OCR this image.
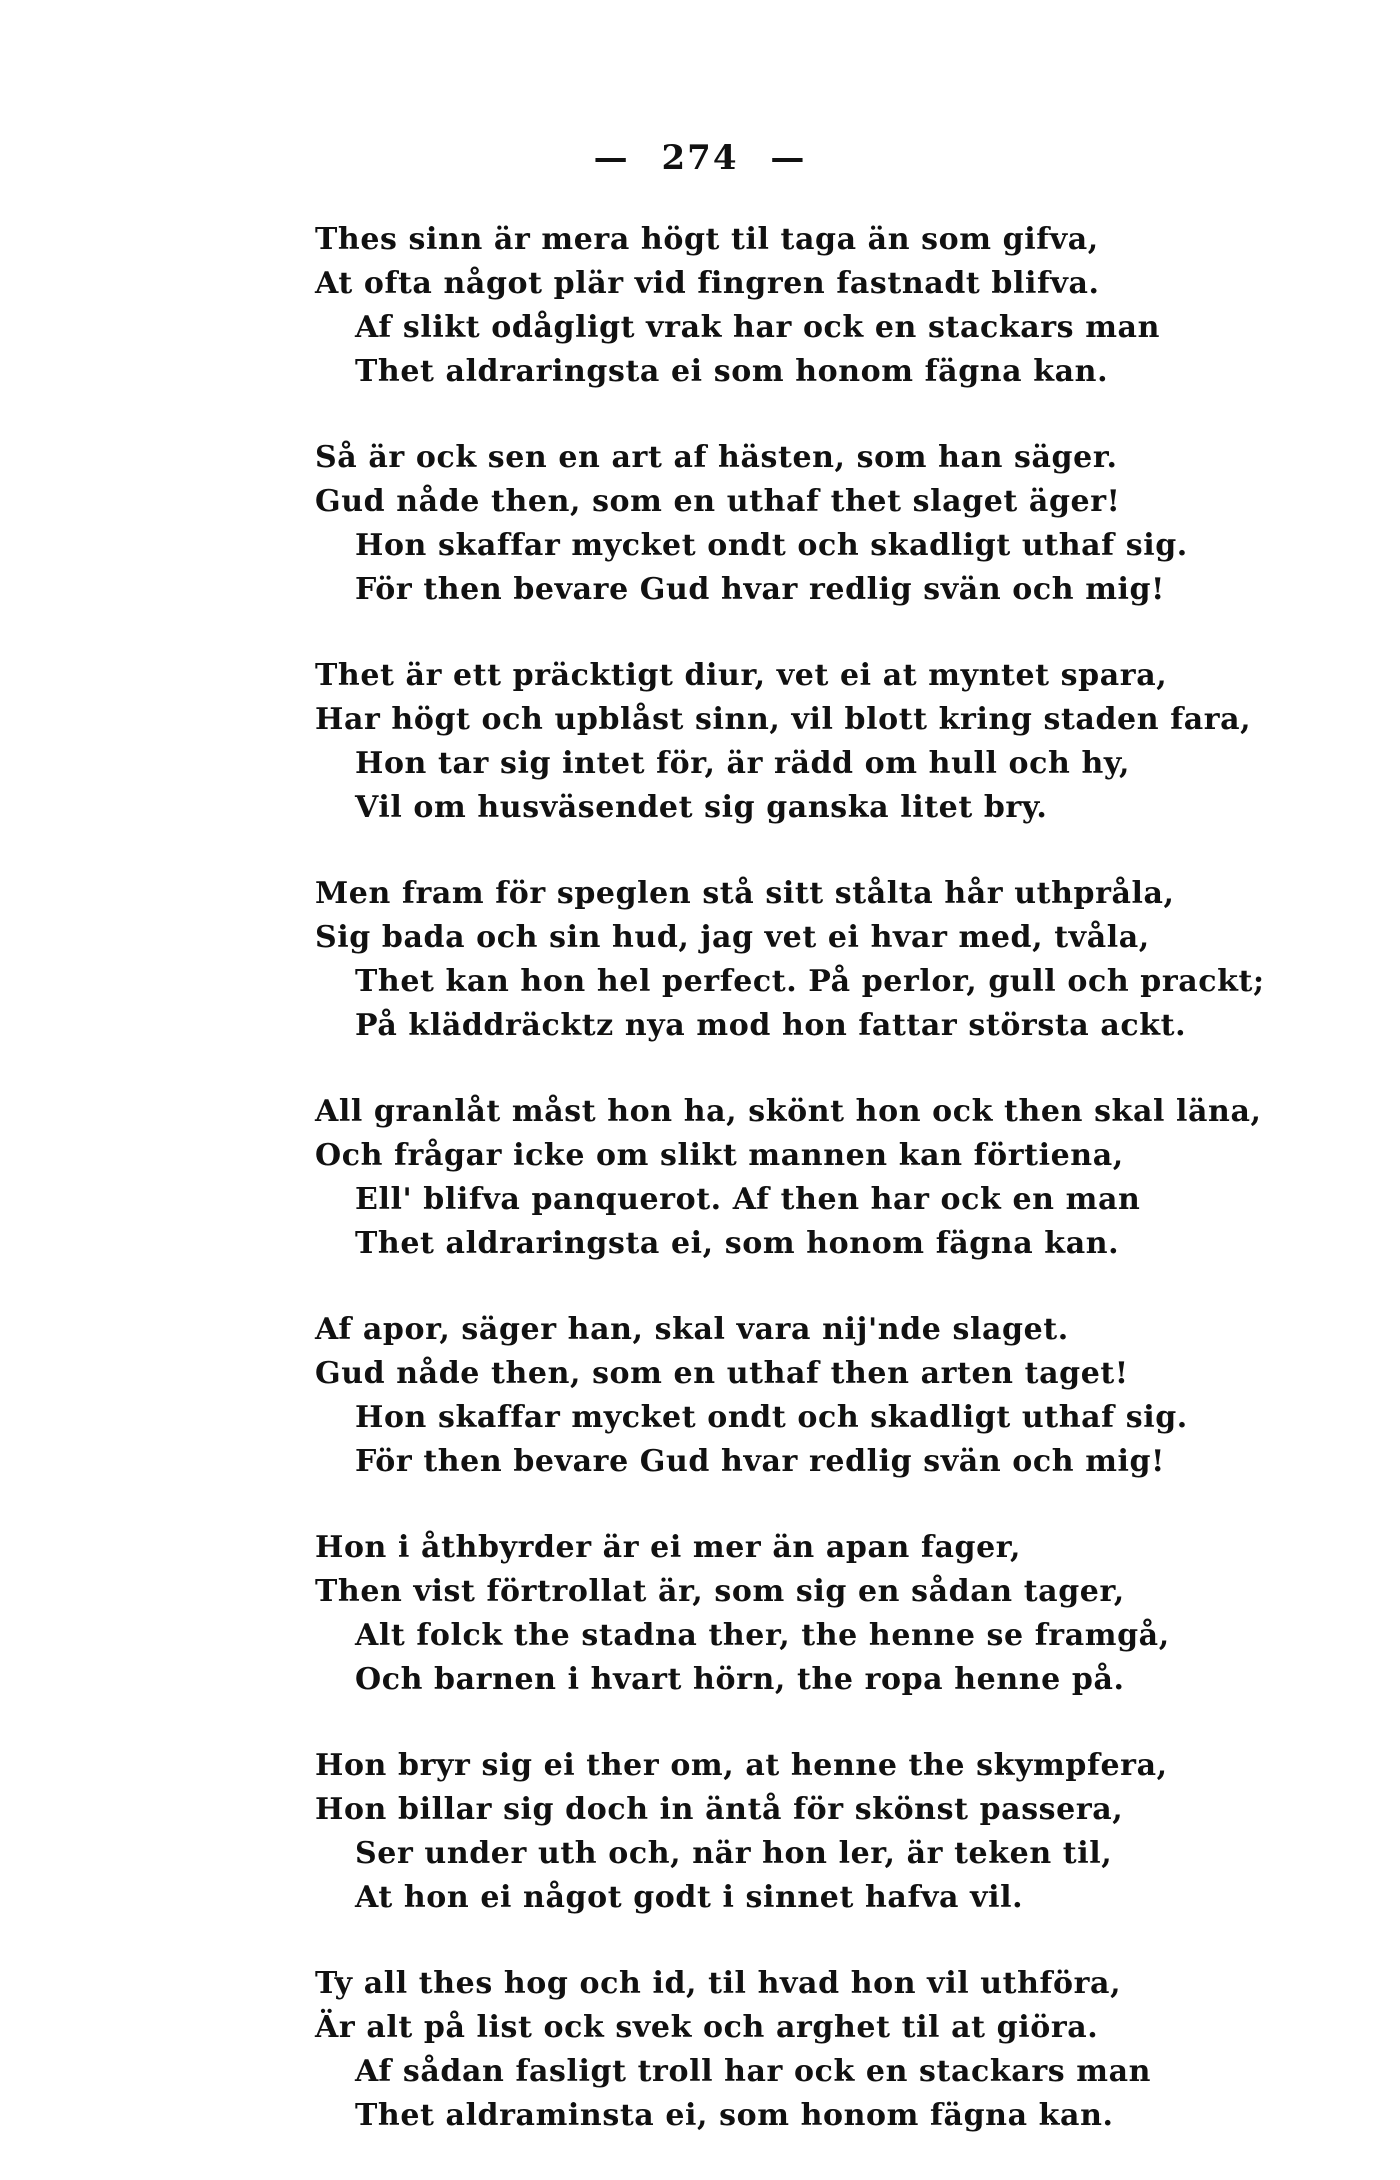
— 274 —
Thes sinn är mera högt til taga än som gifva,
At ofta något plär vid fingren fastnadt blifva.
Af slikt odågligt vrak har ock en stackars man
Thet aldraringsta ei som honom fägna kan.
Så är ock sen en art af hästen, som han säger.
Gud nåde then, som en uthaf thet slaget äger!
Hon skaffar mycket ondt och skadligt uthaf sig.
För then bevare Gud hvar redlig svän och mig!
Thet är ett präcktigt diur, vet ei at myntet spara,
Har högt och upblåst sinn, vil blott kring staden fara,
Hon tar sig intet för, är rädd om hull och hy,
Vil om husväsendet sig ganska litet bry.
Men fram för speglen stå sitt stålta hår uthpråla,
Sig bada och sin hud, jag vet ei hvar med, tvåla,
Thet kan hon hel perfect. På perlor, gull och prackt;
På kläddräcktz nya mod hon fattar största ackt.
All granlåt måst hon ha, skönt hon ock then skal läna,
Och frågar icke om slikt mannen kan förtiena,
Ell' blifva panquerot. Af then har ock en man
Thet aldraringsta ei, som honom fägna kan.
Af apor, säger han, skal vara nij'nde slaget.
Gud nåde then, som en uthaf then arten taget!
Hon skaffar mycket ondt och skadligt uthaf sig.
För then bevare Gud hvar redlig svän och mig!
Hon i åthbyrder är ei mer än apan fager,
Then vist förtrollat är, som sig en sådan tager,
Alt folck the stadna ther, the henne se framgå,
Och barnen i hvart hörn, the ropa henne på.
Hon bryr sig ei ther om, at henne the skympfera,
Hon billar sig doch in äntå för skönst passera,
Ser under uth och, när hon ler, är teken til,
At hon ei något godt i sinnet hafva vil.
Ty all thes hog och id, til hvad hon vil uthföra,
Är alt på list ock svek och arghet til at giöra.
Af sådan fasligt troll har ock en stackars man
Thet aldraminsta ei, som honom fägna kan.
